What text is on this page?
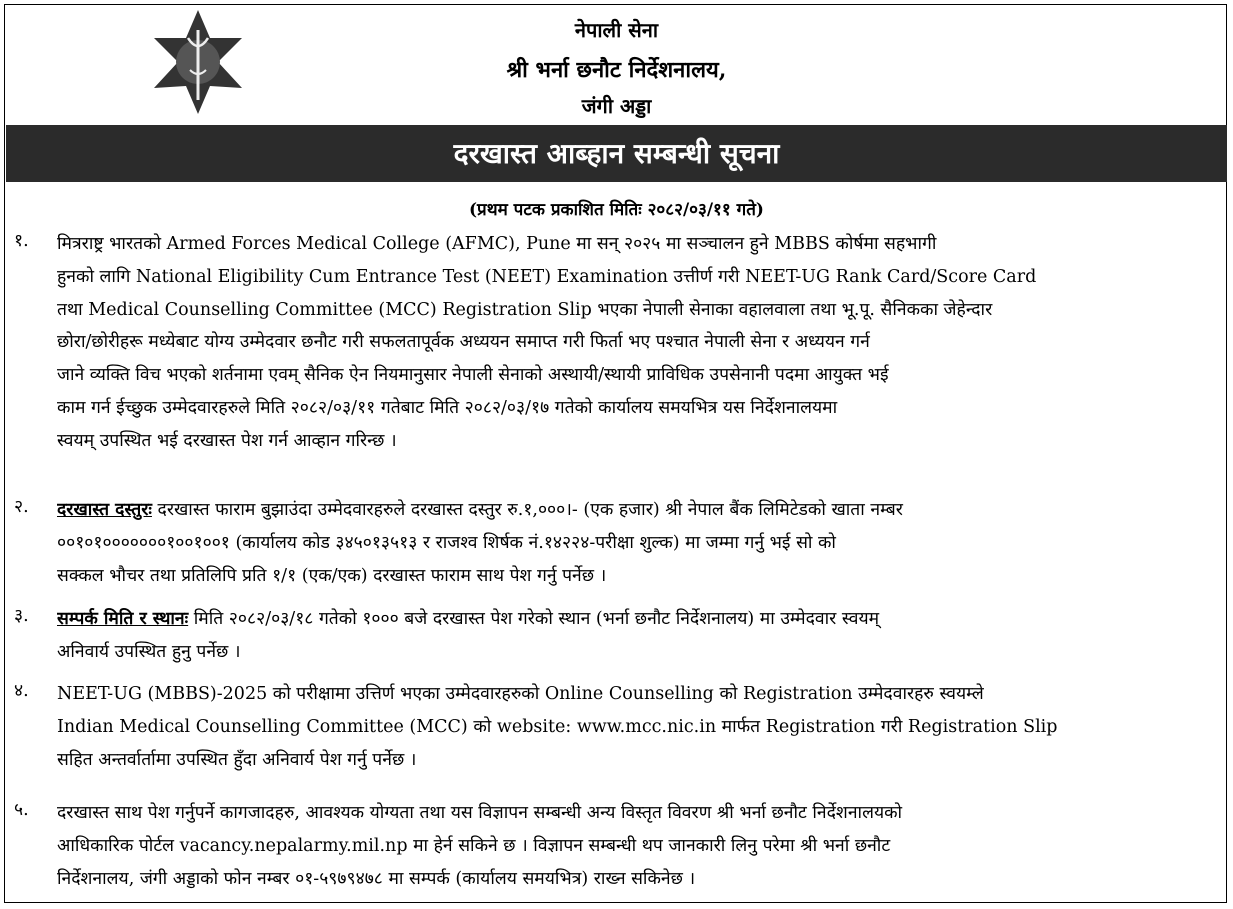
नेपाली सेना
श्री भर्ना छनौट निर्देशनालय,
जंगी अड्डा
दरखास्त आब्हान सम्बन्धी सूचना
(प्रथम पटक प्रकाशित मितिः २०८२/०३/११ गते)
१. मित्रराष्ट्र भारतको Armed Forces Medical College (AFMC), Pune मा सन् २०२५ मा सञ्चालन हुने MBBS कोर्षमा सहभागी
हुनको लागि National Eligibility Cum Entrance Test (NEET) Examination उत्तीर्ण गरी NEET-UG Rank Card/Score Card
तथा Medical Counselling Committee (MCC) Registration Slip भएका नेपाली सेनाका वहालवाला तथा भू.पू. सैनिकका जेहेन्दार
छोरा/छोरीहरू मध्येबाट योग्य उम्मेदवार छनौट गरी सफलतापूर्वक अध्ययन समाप्त गरी फिर्ता भए पश्चात नेपाली सेना र अध्ययन गर्न
जाने व्यक्ति विच भएको शर्तनामा एवम् सैनिक ऐन नियमानुसार नेपाली सेनाको अस्थायी/स्थायी प्राविधिक उपसेनानी पदमा आयुक्त भई
काम गर्न ईच्छुक उम्मेदवारहरुले मिति २०८२/०३/११ गतेबाट मिति २०८२/०३/१७ गतेको कार्यालय समयभित्र यस निर्देशनालयमा
स्वयम् उपस्थित भई दरखास्त पेश गर्न आव्हान गरिन्छ ।
२. दरखास्त दस्तुरः दरखास्त फाराम बुझाउंदा उम्मेदवारहरुले दरखास्त दस्तुर रु.१,०००।- (एक हजार) श्री नेपाल बैंक लिमिटेडको खाता नम्बर
००१०१०००००००१००१००१ (कार्यालय कोड ३४५०१३५१३ र राजश्व शिर्षक नं.१४२२४-परीक्षा शुल्क) मा जम्मा गर्नु भई सो को
सक्कल भौचर तथा प्रतिलिपि प्रति १/१ (एक/एक) दरखास्त फाराम साथ पेश गर्नु पर्नेछ ।
३. सम्पर्क मिति र स्थानः मिति २०८२/०३/१८ गतेको १००० बजे दरखास्त पेश गरेको स्थान (भर्ना छनौट निर्देशनालय) मा उम्मेदवार स्वयम्
अनिवार्य उपस्थित हुनु पर्नेछ ।
४. NEET-UG (MBBS)-2025 को परीक्षामा उत्तिर्ण भएका उम्मेदवारहरुको Online Counselling को Registration उम्मेदवारहरु स्वयम्ले
Indian Medical Counselling Committee (MCC) को website: www.mcc.nic.in मार्फत Registration गरी Registration Slip
सहित अन्तर्वार्तामा उपस्थित हुँदा अनिवार्य पेश गर्नु पर्नेछ ।
५. दरखास्त साथ पेश गर्नुपर्ने कागजादहरु, आवश्यक योग्यता तथा यस विज्ञापन सम्बन्धी अन्य विस्तृत विवरण श्री भर्ना छनौट निर्देशनालयको
आधिकारिक पोर्टल vacancy.nepalarmy.mil.np मा हेर्न सकिने छ । विज्ञापन सम्बन्धी थप जानकारी लिनु परेमा श्री भर्ना छनौट
निर्देशनालय, जंगी अड्डाको फोन नम्बर ०१-५९७९४७८ मा सम्पर्क (कार्यालय समयभित्र) राख्न सकिनेछ ।
